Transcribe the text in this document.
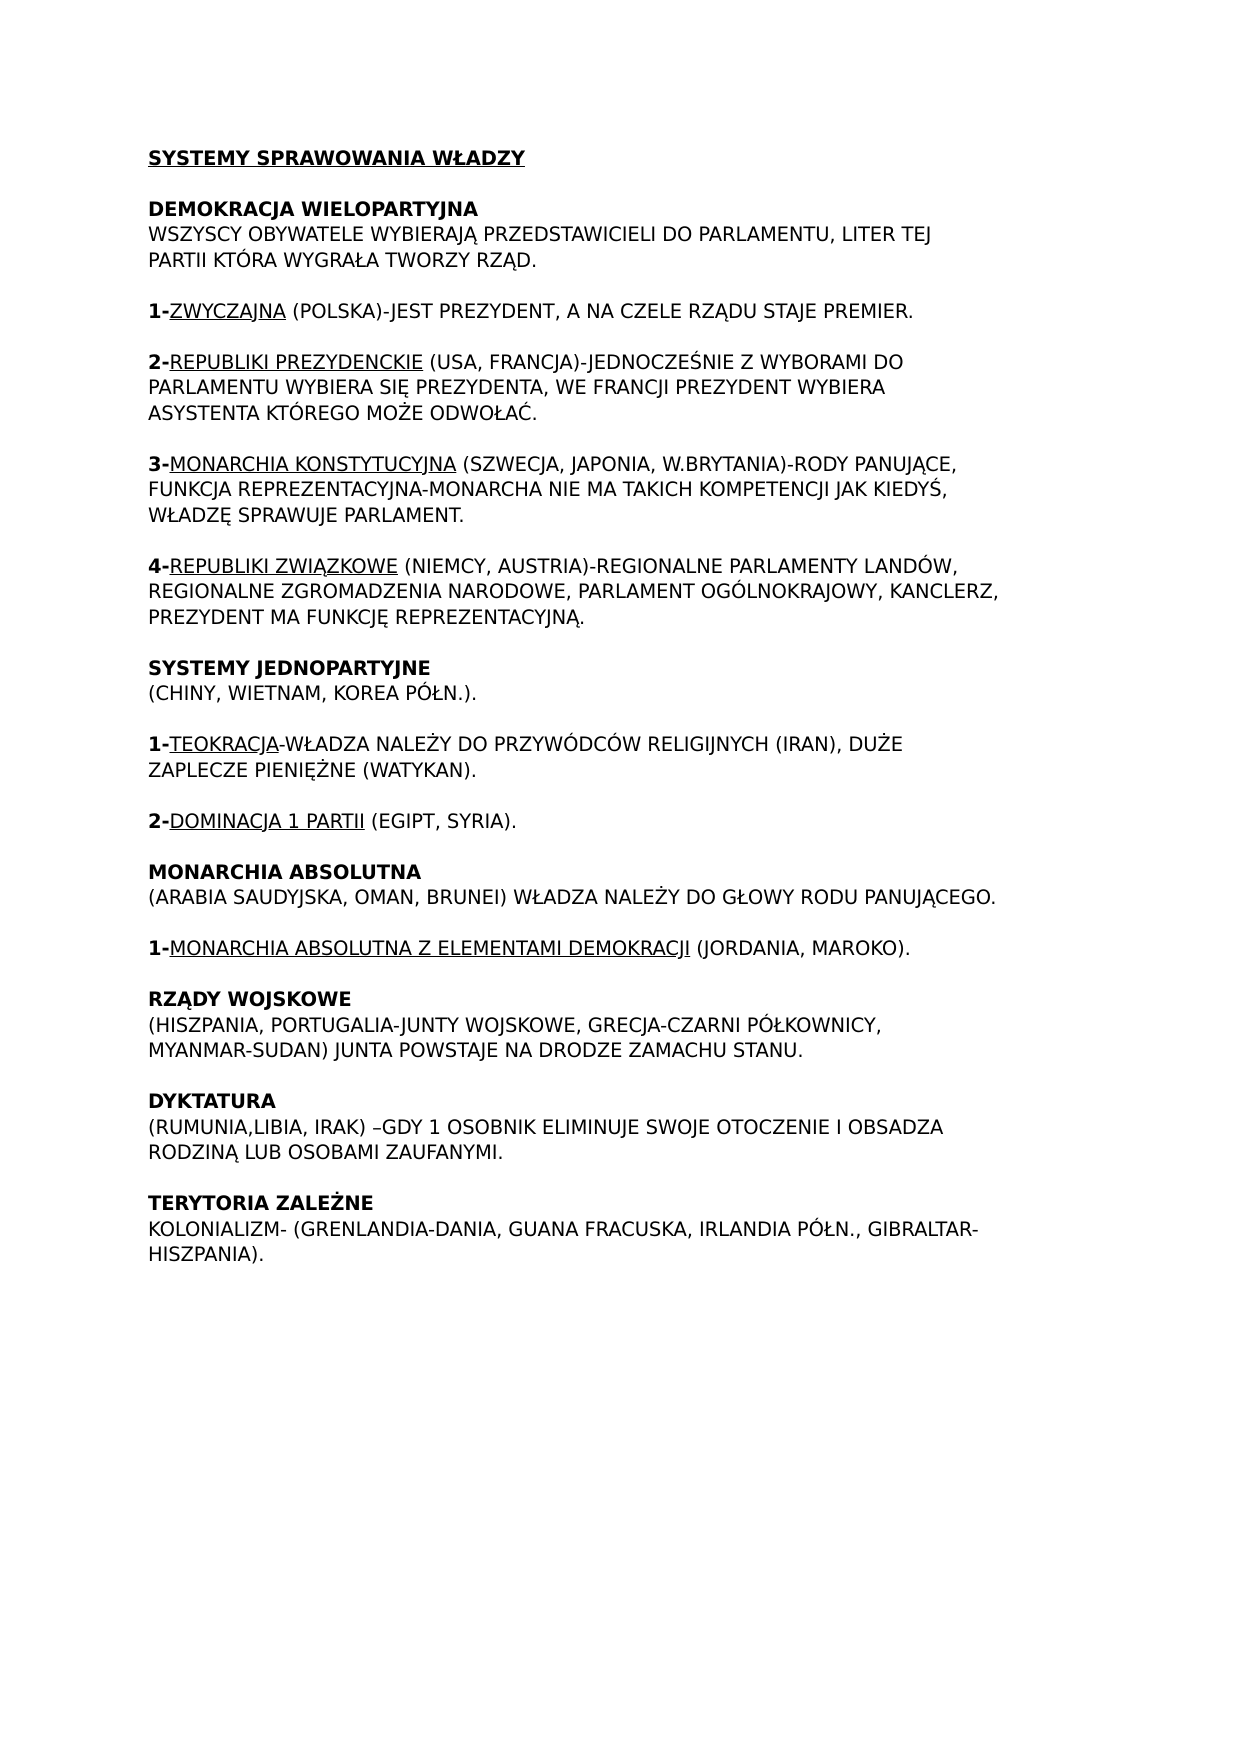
SYSTEMY SPRAWOWANIA WŁADZY
DEMOKRACJA WIELOPARTYJNA
WSZYSCY OBYWATELE WYBIERAJĄ PRZEDSTAWICIELI DO PARLAMENTU, LITER TEJ
PARTII KTÓRA WYGRAŁA TWORZY RZĄD.
1-ZWYCZAJNA (POLSKA)-JEST PREZYDENT, A NA CZELE RZĄDU STAJE PREMIER.
2-REPUBLIKI PREZYDENCKIE (USA, FRANCJA)-JEDNOCZEŚNIE Z WYBORAMI DO
PARLAMENTU WYBIERA SIĘ PREZYDENTA, WE FRANCJI PREZYDENT WYBIERA
ASYSTENTA KTÓREGO MOŻE ODWOŁAĆ.
3-MONARCHIA KONSTYTUCYJNA (SZWECJA, JAPONIA, W.BRYTANIA)-RODY PANUJĄCE,
FUNKCJA REPREZENTACYJNA-MONARCHA NIE MA TAKICH KOMPETENCJI JAK KIEDYŚ,
WŁADZĘ SPRAWUJE PARLAMENT.
4-REPUBLIKI ZWIĄZKOWE (NIEMCY, AUSTRIA)-REGIONALNE PARLAMENTY LANDÓW,
REGIONALNE ZGROMADZENIA NARODOWE, PARLAMENT OGÓLNOKRAJOWY, KANCLERZ,
PREZYDENT MA FUNKCJĘ REPREZENTACYJNĄ.
SYSTEMY JEDNOPARTYJNE
(CHINY, WIETNAM, KOREA PÓŁN.).
1-TEOKRACJA-WŁADZA NALEŻY DO PRZYWÓDCÓW RELIGIJNYCH (IRAN), DUŻE
ZAPLECZE PIENIĘŻNE (WATYKAN).
2-DOMINACJA 1 PARTII (EGIPT, SYRIA).
MONARCHIA ABSOLUTNA
(ARABIA SAUDYJSKA, OMAN, BRUNEI) WŁADZA NALEŻY DO GŁOWY RODU PANUJĄCEGO.
1-MONARCHIA ABSOLUTNA Z ELEMENTAMI DEMOKRACJI (JORDANIA, MAROKO).
RZĄDY WOJSKOWE
(HISZPANIA, PORTUGALIA-JUNTY WOJSKOWE, GRECJA-CZARNI PÓŁKOWNICY,
MYANMAR-SUDAN) JUNTA POWSTAJE NA DRODZE ZAMACHU STANU.
DYKTATURA
(RUMUNIA,LIBIA, IRAK) –GDY 1 OSOBNIK ELIMINUJE SWOJE OTOCZENIE I OBSADZA
RODZINĄ LUB OSOBAMI ZAUFANYMI.
TERYTORIA ZALEŻNE
KOLONIALIZM- (GRENLANDIA-DANIA, GUANA FRACUSKA, IRLANDIA PÓŁN., GIBRALTAR-
HISZPANIA).
